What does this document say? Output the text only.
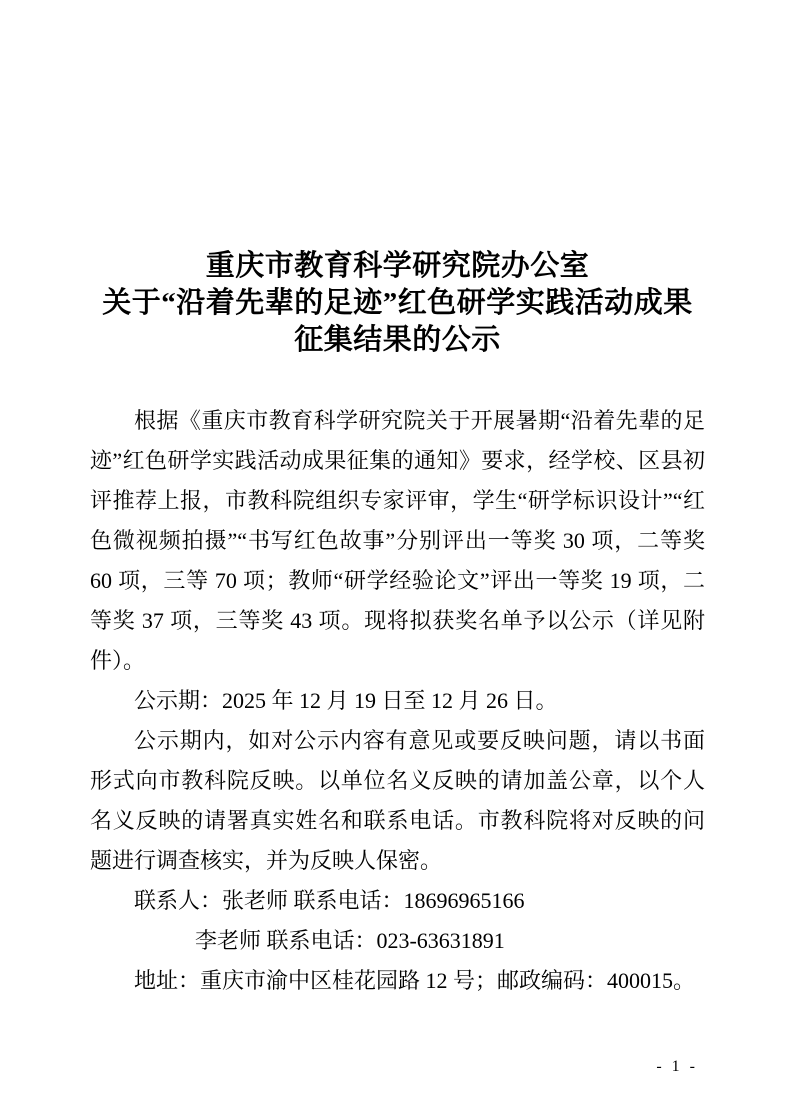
重庆市教育科学研究院办公室
关于“沿着先辈的足迹”红色研学实践活动成果
征集结果的公示

根据《重庆市教育科学研究院关于开展暑期“沿着先辈的足迹”红色研学实践活动成果征集的通知》要求，经学校、区县初评推荐上报，市教科院组织专家评审，学生“研学标识设计”“红色微视频拍摄”“书写红色故事”分别评出一等奖 30 项，二等奖 60 项，三等 70 项；教师“研学经验论文”评出一等奖 19 项，二等奖 37 项，三等奖 43 项。现将拟获奖名单予以公示（详见附件）。

公示期：2025 年 12 月 19 日至 12 月 26 日。

公示期内，如对公示内容有意见或要反映问题，请以书面形式向市教科院反映。以单位名义反映的请加盖公章，以个人名义反映的请署真实姓名和联系电话。市教科院将对反映的问题进行调查核实，并为反映人保密。

联系人：张老师 联系电话：18696965166

李老师 联系电话：023-63631891

地址：重庆市渝中区桂花园路 12 号；邮政编码：400015。

- 1 -
